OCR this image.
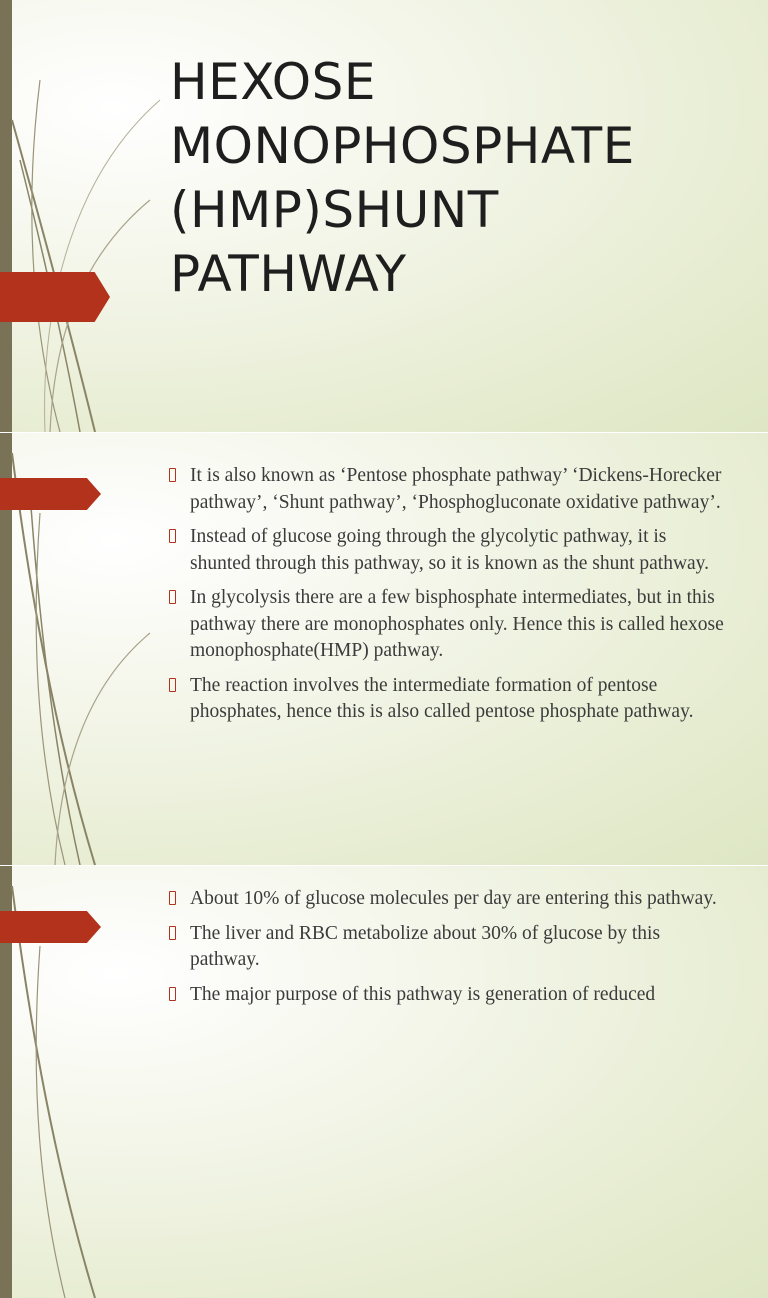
HEXOSE MONOPHOSPHATE (HMP)SHUNT PATHWAY
It is also known as ‘Pentose phosphate pathway’ ‘Dickens-Horecker pathway’, ‘Shunt pathway’, ‘Phosphogluconate oxidative pathway’.
Instead of glucose going through the glycolytic pathway, it is shunted through this pathway, so it is known as the shunt pathway.
In glycolysis there are a few bisphosphate intermediates, but in this pathway there are monophosphates only. Hence this is called hexose monophosphate(HMP) pathway.
The reaction involves the intermediate formation of pentose phosphates, hence this is also called pentose phosphate pathway.
About 10% of glucose molecules per day are entering this pathway.
The liver and RBC metabolize about 30% of glucose by this pathway.
The major purpose of this pathway is generation of reduced
